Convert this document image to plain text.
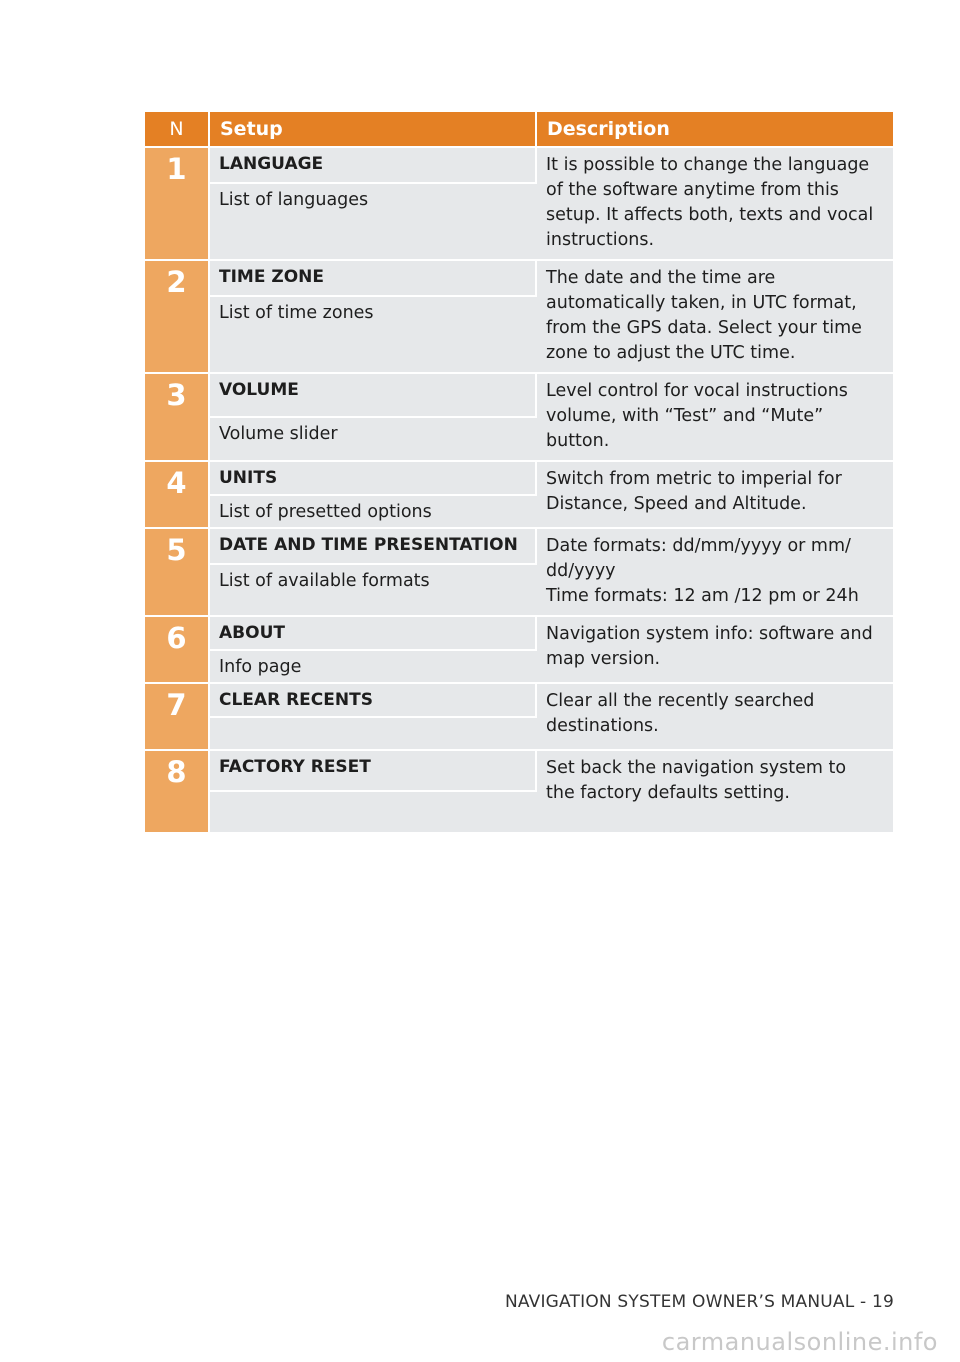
N	Setup	Description
1	LANGUAGE	It is possible to change the language
of the software anytime from this
setup. It affects both, texts and vocal
instructions.

	List of languages	
2	TIME ZONE	The date and the time are
automatically taken, in UTC format,
from the GPS data. Select your time
zone to adjust the UTC time.

	List of time zones	
3	VOLUME	Level control for vocal instructions
volume, with “Test” and “Mute”
button.

	Volume slider	
4	UNITS	Switch from metric to imperial for
Distance, Speed and Altitude.

	List of presetted options	
5	DATE AND TIME PRESENTATION	Date formats: dd/mm/yyyy or mm/
dd/yyyy
Time formats: 12 am /12 pm or 24h

	List of available formats	
6	ABOUT	Navigation system info: software and
map version.

	Info page	
7	CLEAR RECENTS	Clear all the recently searched
destinations.

8	FACTORY RESET	Set back the navigation system to
the factory defaults setting.

NAVIGATION SYSTEM OWNER’S MANUAL - 19
carmanualsonline.info
